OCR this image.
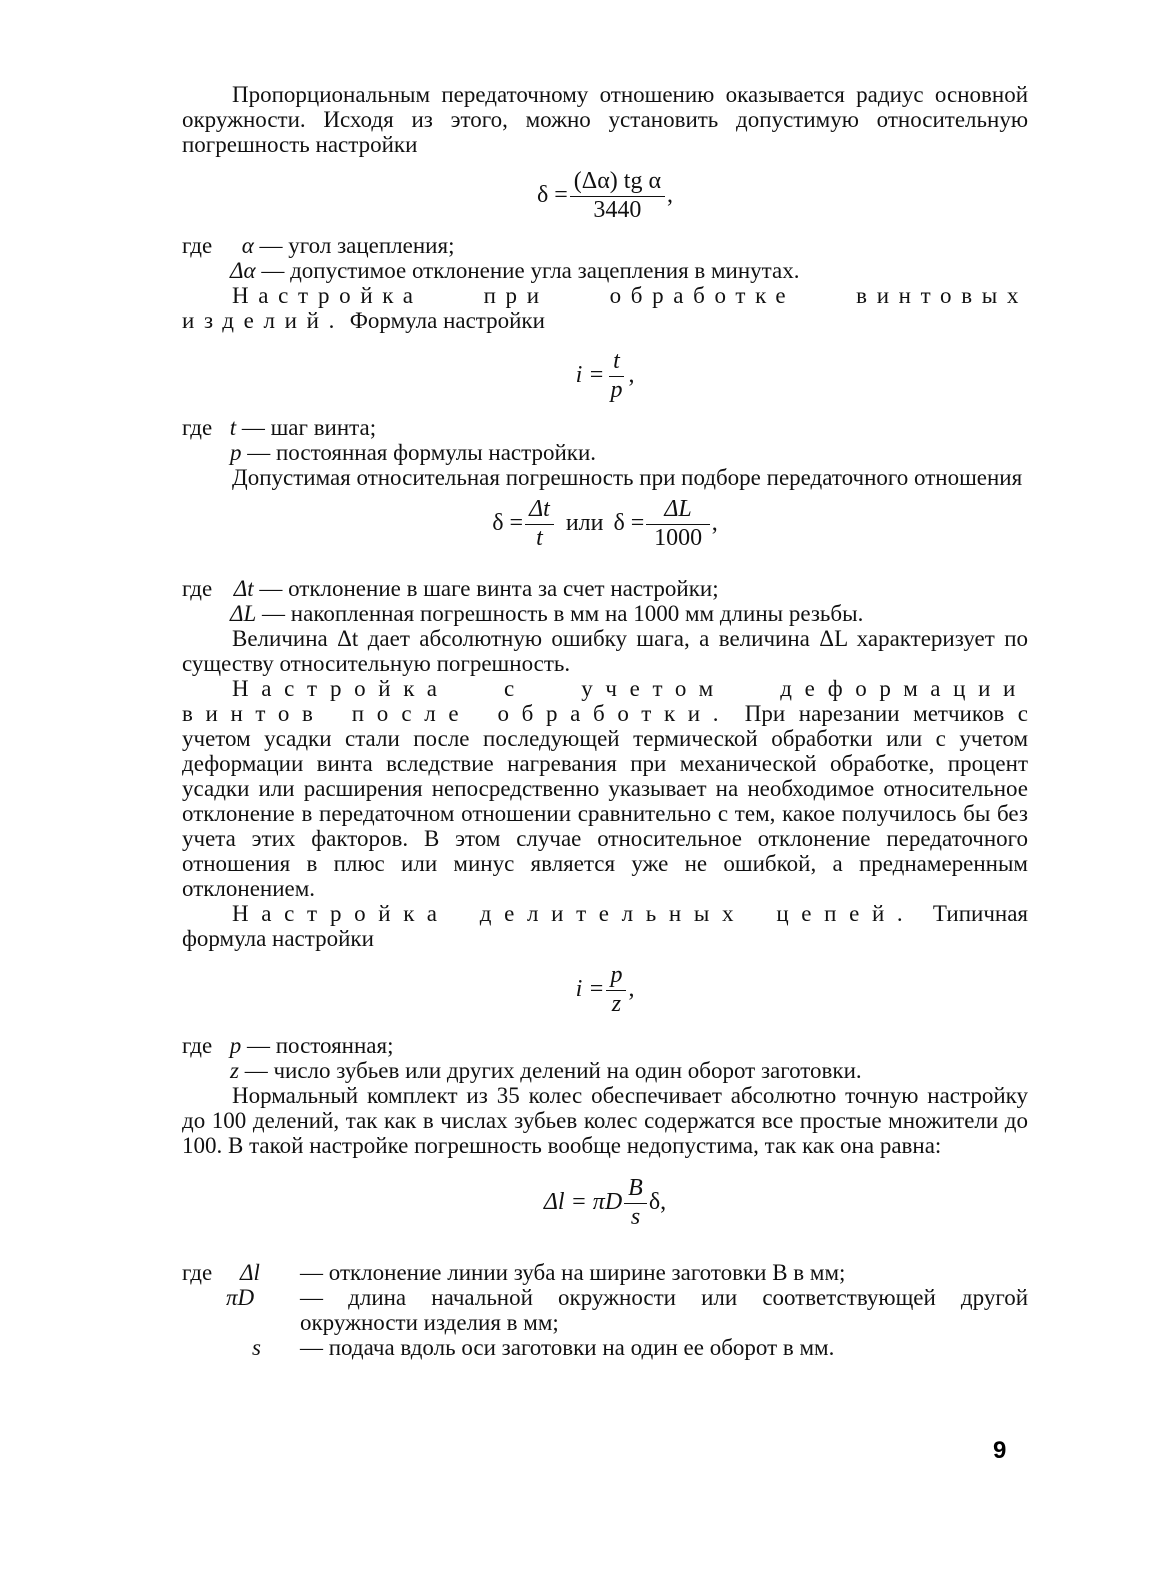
Пропорциональным передаточному отношению оказывается радиус основной окружности. Исходя из этого, можно установить допустимую относительную погрешность настройки

$\delta = \frac{\text{(Δα) tg α}}{3440}$ ,
где α — угол зацепления;
Δα — допустимое отклонение угла зацепления в минутах.

Настройка при обработке винтовых изделий. Формула настройки

$i = \frac{t}{p}$ ,
где t — шаг винта;
p — постоянная формулы настройки.

Допустимая относительная погрешность при подборе передаточного отношения

$\delta = \frac{\Delta t}{t}$ или $\delta = \frac{\Delta L}{1000}$ ,
где Δt — отклонение в шаге винта за счет настройки;
ΔL — накопленная погрешность в мм на 1000 мм длины резьбы.

Величина Δt дает абсолютную ошибку шага, а величина ΔL характеризует по существу относительную погрешность.

Настройка с учетом деформации винтов после обработки. При нарезании метчиков с учетом усадки стали после последующей термической обработки или с учетом деформации винта вследствие нагревания при механической обработке, процент усадки или расширения непосредственно указывает на необходимое относительное отклонение в передаточном отношении сравнительно с тем, какое получилось бы без учета этих факторов. В этом случае относительное отклонение передаточного отношения в плюс или минус является уже не ошибкой, а преднамеренным отклонением.

Настройка делительных цепей. Типичная формула настройки

$i = \frac{p}{z}$ ,
где p — постоянная;
z — число зубьев или других делений на один оборот заготовки.

Нормальный комплект из 35 колес обеспечивает абсолютно точную настройку до 100 делений, так как в числах зубьев колес содержатся все простые множители до 100. В такой настройке погрешность вообще недопустима, так как она равна:

Δl = πD $\frac{B}{s} \delta$,
где	Δl	— отклонение линии зуба на ширине заготовки B в мм;
πD	— длина начальной окружности или соответствующей другой окружности изделия в мм;
s	— подача вдоль оси заготовки на один ее оборот в мм.
9
